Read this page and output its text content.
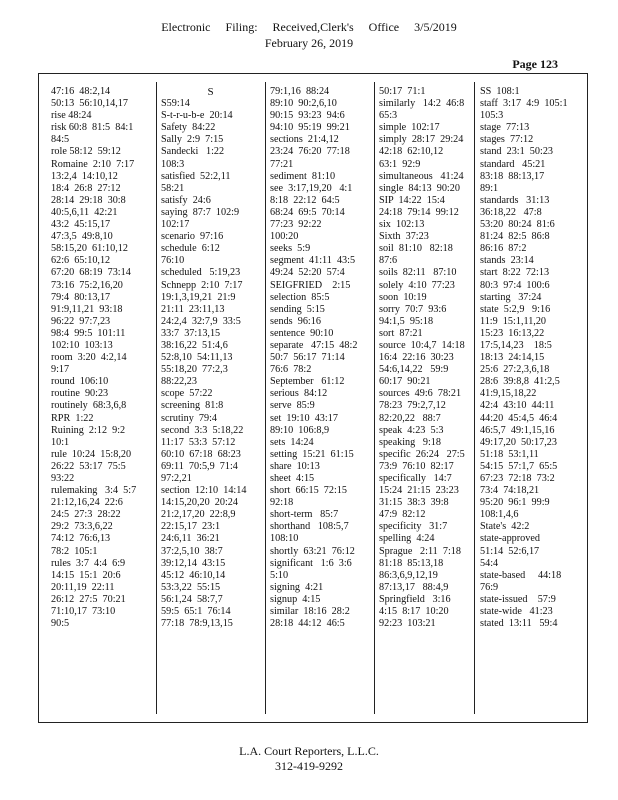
Electronic Filing: Received,Clerk's Office 3/5/2019
February 26, 2019
Page 123
47:16  48:2,14
50:13  56:10,14,17
rise 48:24
risk 60:8  81:5  84:1
84:5
role 58:12  59:12
Romaine  2:10  7:17
13:2,4  14:10,12
18:4  26:8  27:12
28:14  29:18  30:8
40:5,6,11  42:21
43:2  45:15,17
47:3,5  49:8,10
58:15,20  61:10,12
62:6  65:10,12
67:20  68:19  73:14
73:16  75:2,16,20
79:4  80:13,17
91:9,11,21  93:18
96:22  97:7,23
98:4  99:5  101:11
102:10  103:13
room  3:20  4:2,14
9:17
round  106:10
routine  90:23
routinely  68:3,6,8
RPR  1:22
Ruining  2:12  9:2
10:1
rule  10:24  15:8,20
26:22  53:17  75:5
93:22
rulemaking   3:4  5:7
21:12,16,24  22:6
24:5  27:3  28:22
29:2  73:3,6,22
74:12  76:6,13
78:2  105:1
rules  3:7  4:4  6:9
14:15  15:1  20:6
20:11,19  22:11
26:12  27:5  70:21
71:10,17  73:10
90:5
S
S59:14
S-t-r-u-b-e  20:14
Safety  84:22
Sally  2:9  7:15
Sandecki   1:22
108:3
satisfied  52:2,11
58:21
satisfy  24:6
saying  87:7  102:9
102:17
scenario  97:16
schedule  6:12
76:10
scheduled   5:19,23
Schnepp  2:10  7:17
19:1,3,19,21  21:9
21:11  23:11,13
24:2,4  32:7,9  33:5
33:7  37:13,15
38:16,22  51:4,6
52:8,10  54:11,13
55:18,20  77:2,3
88:22,23
scope  57:22
screening  81:8
scrutiny  79:4
second  3:3  5:18,22
11:17  53:3  57:12
60:10  67:18  68:23
69:11  70:5,9  71:4
97:2,21
section  12:10  14:14
14:15,20,20  20:24
21:2,17,20  22:8,9
22:15,17  23:1
24:6,11  36:21
37:2,5,10  38:7
39:12,14  43:15
45:12  46:10,14
53:3,22  55:15
56:1,24  58:7,7
59:5  65:1  76:14
77:18  78:9,13,15
79:1,16  88:24
89:10  90:2,6,10
90:15  93:23  94:6
94:10  95:19  99:21
sections  21:4,12
23:24  76:20  77:18
77:21
sediment  81:10
see  3:17,19,20   4:1
8:18  22:12  64:5
68:24  69:5  70:14
77:23  92:22
100:20
seeks  5:9
segment  41:11  43:5
49:24  52:20  57:4
SEIGFRIED    2:15
selection  85:5
sending  5:15
sends  96:16
sentence  90:10
separate   47:15  48:2
50:7  56:17  71:14
76:6  78:2
September   61:12
serious  84:12
serve  85:9
set  19:10  43:17
89:10  106:8,9
sets  14:24
setting  15:21  61:15
share  10:13
sheet  4:15
short  66:15  72:15
92:18
short-term   85:7
shorthand   108:5,7
108:10
shortly  63:21  76:12
significant   1:6  3:6
5:10
signing  4:21
signup  4:15
similar  18:16  28:2
28:18  44:12  46:5
50:17  71:1
similarly   14:2  46:8
65:3
simple  102:17
simply  28:17  29:24
42:18  62:10,12
63:1  92:9
simultaneous   41:24
single  84:13  90:20
SIP  14:22  15:4
24:18  79:14  99:12
six  102:13
Sixth  37:23
soil  81:10   82:18
87:6
soils  82:11   87:10
solely  4:10  77:23
soon  10:19
sorry  70:7  93:6
94:1,5  95:18
sort  87:21
source  10:4,7  14:18
16:4  22:16  30:23
54:6,14,22   59:9
60:17  90:21
sources  49:6  78:21
78:23  79:2,7,12
82:20,22   88:7
speak  4:23  5:3
speaking   9:18
specific  26:24   27:5
73:9  76:10  82:17
specifically   14:7
15:24  21:15  23:23
31:15  38:3  39:8
47:9  82:12
specificity   31:7
spelling  4:24
Sprague   2:11  7:18
81:18  85:13,18
86:3,6,9,12,19
87:13,17   88:4,9
Springfield   3:16
4:15  8:17  10:20
92:23  103:21
SS  108:1
staff  3:17  4:9  105:1
105:3
stage  77:13
stages  77:12
stand  23:1  50:23
standard   45:21
83:18  88:13,17
89:1
standards   31:13
36:18,22   47:8
53:20  80:24  81:6
81:24  82:5  86:8
86:16  87:2
stands  23:14
start  8:22  72:13
80:3  97:4  100:6
starting   37:24
state  5:2,9   9:16
11:9  15:1,11,20
15:23  16:13,22
17:5,14,23    18:5
18:13  24:14,15
25:6  27:2,3,6,18
28:6  39:8,8  41:2,5
41:9,15,18,22
42:4  43:10  44:11
44:20  45:4,5  46:4
46:5,7  49:1,15,16
49:17,20  50:17,23
51:18  53:1,11
54:15  57:1,7  65:5
67:23  72:18  73:2
73:4  74:18,21
95:20  96:1  99:9
108:1,4,6
State's  42:2
state-approved
51:14  52:6,17
54:4
state-based     44:18
76:9
state-issued    57:9
state-wide   41:23
stated  13:11   59:4
L.A. Court Reporters, L.L.C.
312-419-9292
